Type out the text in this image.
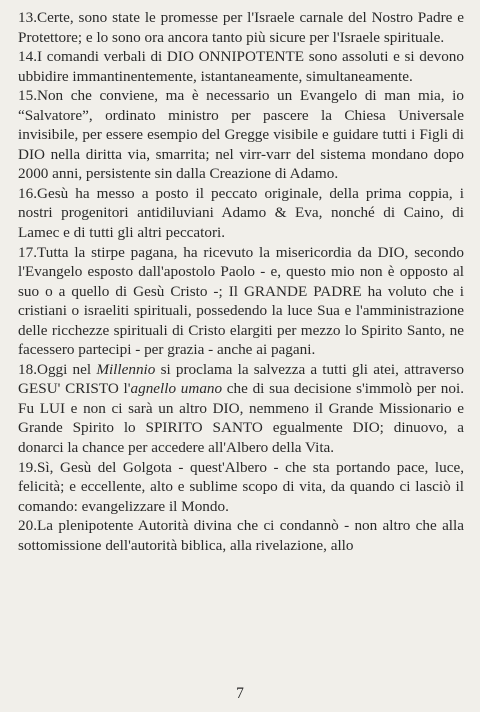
13.Certe, sono state le promesse per l'Israele carnale del Nostro Padre e Protettore; e lo sono ora ancora tanto più sicure per l'Israele spirituale.

14.I comandi verbali di DIO ONNIPOTENTE sono assoluti e si devono ubbidire immantinentemente, istantaneamente, simultaneamente.

15.Non che conviene, ma è necessario un Evangelo di man mia, io “Salvatore”, ordinato ministro per pascere la Chiesa Universale invisibile, per essere esempio del Gregge visibile e guidare tutti i Figli di DIO nella diritta via, smarrita; nel virr-varr del sistema mondano dopo 2000 anni, persistente sin dalla Creazione di Adamo.

16.Gesù ha messo a posto il peccato originale, della prima coppia, i nostri progenitori antidiluviani Adamo & Eva, nonché di Caino, di Lamec e di tutti gli altri peccatori.

17.Tutta la stirpe pagana, ha ricevuto la misericordia da DIO, secondo l'Evangelo esposto dall'apostolo Paolo - e, questo mio non è opposto al suo o a quello di Gesù Cristo -; Il GRANDE PADRE ha voluto che i cristiani o israeliti spirituali, possedendo la luce Sua e l'amministrazione delle ricchezze spirituali di Cristo elargiti per mezzo lo Spirito Santo, ne facessero partecipi - per grazia - anche ai pagani.

18.Oggi nel Millennio si proclama la salvezza a tutti gli atei, attraverso GESU' CRISTO l'agnello umano che di sua decisione s'immolò per noi. Fu LUI e non ci sarà un altro DIO, nemmeno il Grande Missionario e Grande Spirito lo SPIRITO SANTO egualmente DIO; dinuovo, a donarci la chance per accedere all'Albero della Vita.

19.Sì, Gesù del Golgota - quest'Albero - che sta portando pace, luce, felicità; e eccellente, alto e sublime scopo di vita, da quando ci lasciò il comando: evangelizzare il Mondo.

20.La plenipotente Autorità divina che ci condannò - non altro che alla sottomissione dell'autorità biblica, alla rivelazione, allo

7
